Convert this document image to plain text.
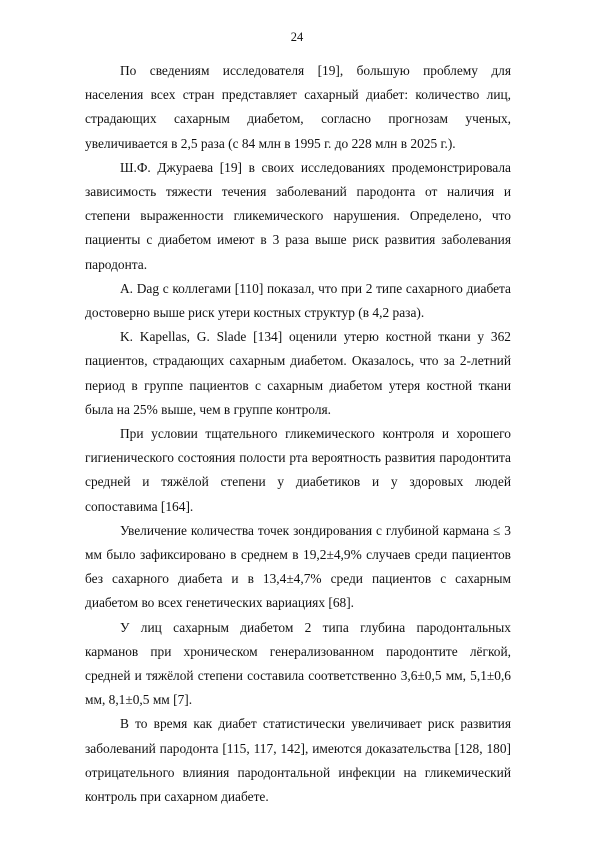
24

По сведениям исследователя [19], большую проблему для населения всех стран представляет сахарный диабет: количество лиц, страдающих сахарным диабетом, согласно прогнозам ученых, увеличивается в 2,5 раза (с 84 млн в 1995 г. до 228 млн в 2025 г.).

Ш.Ф. Джураева [19] в своих исследованиях продемонстрировала зависимость тяжести течения заболеваний пародонта от наличия и степени выраженности гликемического нарушения. Определено, что пациенты с диабетом имеют в 3 раза выше риск развития заболевания пародонта.

A. Dag с коллегами [110] показал, что при 2 типе сахарного диабета достоверно выше риск утери костных структур (в 4,2 раза).

K. Kapellas, G. Slade [134] оценили утерю костной ткани у 362 пациентов, страдающих сахарным диабетом. Оказалось, что за 2-летний период в группе пациентов с сахарным диабетом утеря костной ткани была на 25% выше, чем в группе контроля.

При условии тщательного гликемического контроля и хорошего гигиенического состояния полости рта вероятность развития пародонтита средней и тяжёлой степени у диабетиков и у здоровых людей сопоставима [164].

Увеличение количества точек зондирования с глубиной кармана ≤ 3 мм было зафиксировано в среднем в 19,2±4,9% случаев среди пациентов без сахарного диабета и в 13,4±4,7% среди пациентов с сахарным диабетом во всех генетических вариациях [68].

У лиц сахарным диабетом 2 типа глубина пародонтальных карманов при хроническом генерализованном пародонтите лёгкой, средней и тяжёлой степени составила соответственно 3,6±0,5 мм, 5,1±0,6 мм, 8,1±0,5 мм [7].

В то время как диабет статистически увеличивает риск развития заболеваний пародонта [115, 117, 142], имеются доказательства [128, 180] отрицательного влияния пародонтальной инфекции на гликемический контроль при сахарном диабете.
